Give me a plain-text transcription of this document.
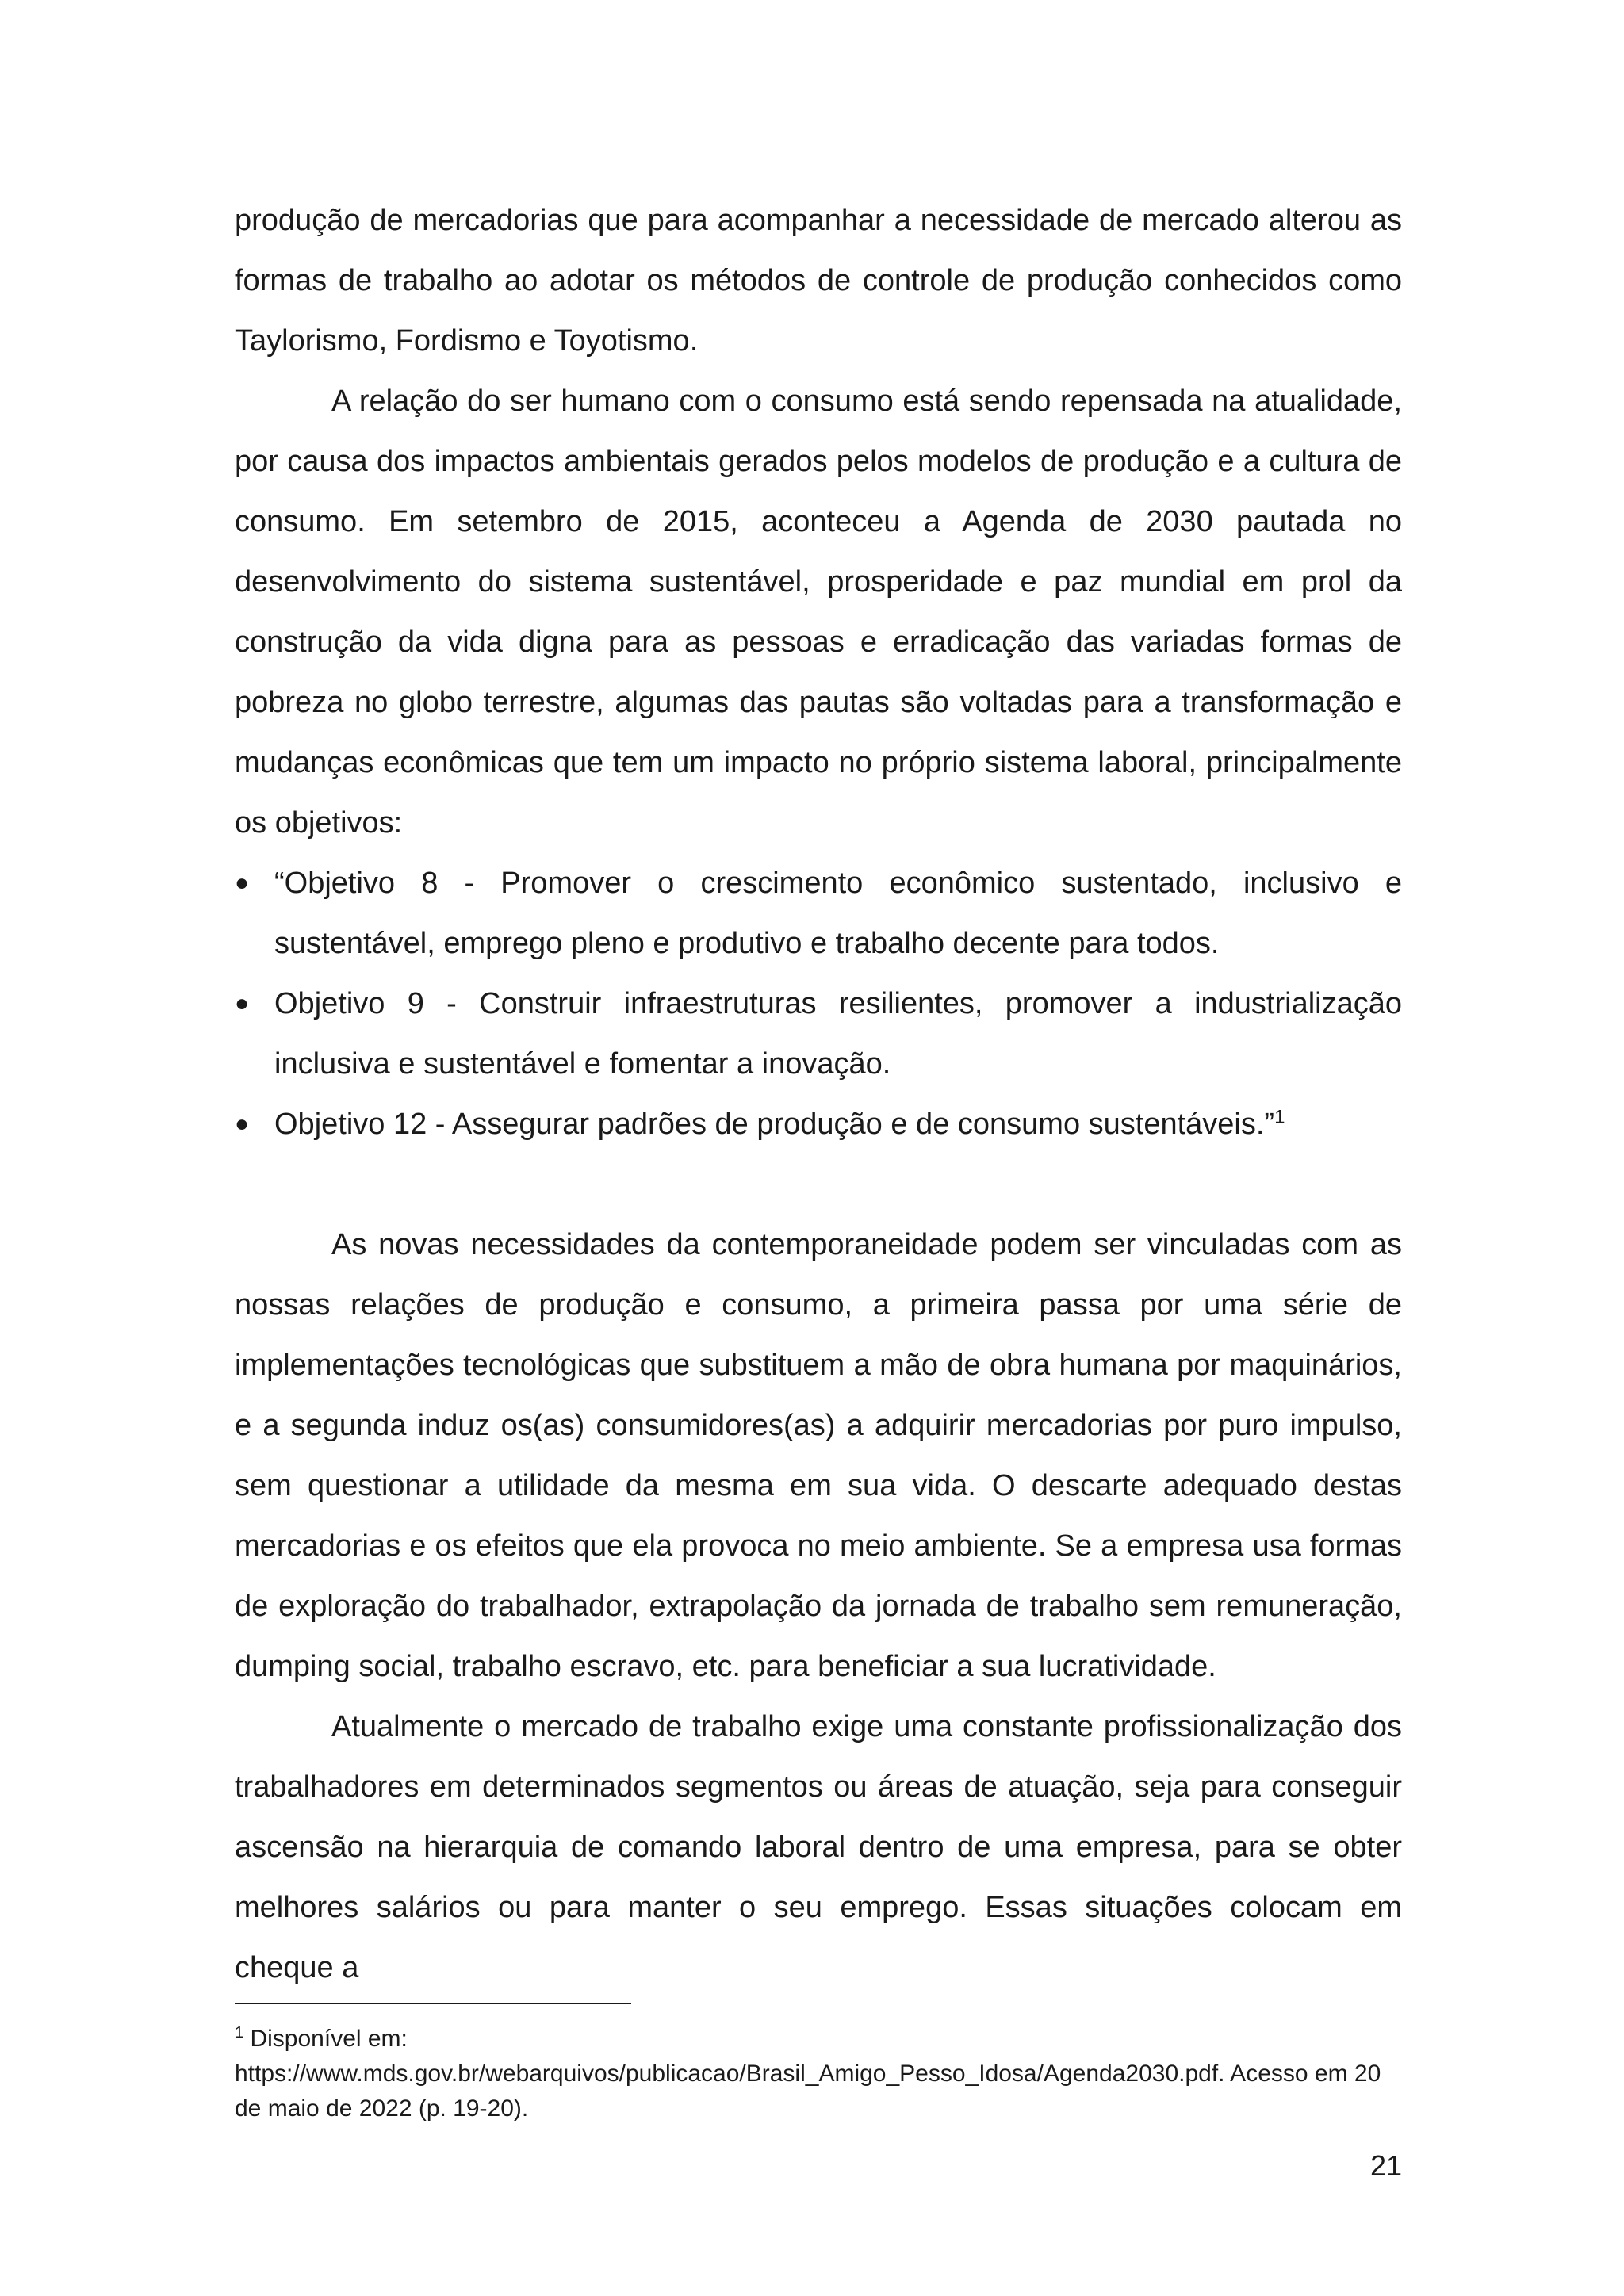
produção de mercadorias que para acompanhar a necessidade de mercado alterou as formas de trabalho ao adotar os métodos de controle de produção conhecidos como Taylorismo, Fordismo e Toyotismo.

A relação do ser humano com o consumo está sendo repensada na atualidade, por causa dos impactos ambientais gerados pelos modelos de produção e a cultura de consumo. Em setembro de 2015, aconteceu a Agenda de 2030 pautada no desenvolvimento do sistema sustentável, prosperidade e paz mundial em prol da construção da vida digna para as pessoas e erradicação das variadas formas de pobreza no globo terrestre, algumas das pautas são voltadas para a transformação e mudanças econômicas que tem um impacto no próprio sistema laboral, principalmente os objetivos:

● “Objetivo 8 - Promover o crescimento econômico sustentado, inclusivo e sustentável, emprego pleno e produtivo e trabalho decente para todos.
● Objetivo 9 - Construir infraestruturas resilientes, promover a industrialização inclusiva e sustentável e fomentar a inovação.
● Objetivo 12 - Assegurar padrões de produção e de consumo sustentáveis.”$^1$

As novas necessidades da contemporaneidade podem ser vinculadas com as nossas relações de produção e consumo, a primeira passa por uma série de implementações tecnológicas que substituem a mão de obra humana por maquinários, e a segunda induz os(as) consumidores(as) a adquirir mercadorias por puro impulso, sem questionar a utilidade da mesma em sua vida. O descarte adequado destas mercadorias e os efeitos que ela provoca no meio ambiente. Se a empresa usa formas de exploração do trabalhador, extrapolação da jornada de trabalho sem remuneração, dumping social, trabalho escravo, etc. para beneficiar a sua lucratividade.

Atualmente o mercado de trabalho exige uma constante profissionalização dos trabalhadores em determinados segmentos ou áreas de atuação, seja para conseguir ascensão na hierarquia de comando laboral dentro de uma empresa, para se obter melhores salários ou para manter o seu emprego. Essas situações colocam em cheque a

$^1$ Disponível em:

https://www.mds.gov.br/webarquivos/publicacao/Brasil_Amigo_Pesso_Idosa/Agenda2030.pdf. Acesso em 20 de maio de 2022 (p. 19-20).

21
